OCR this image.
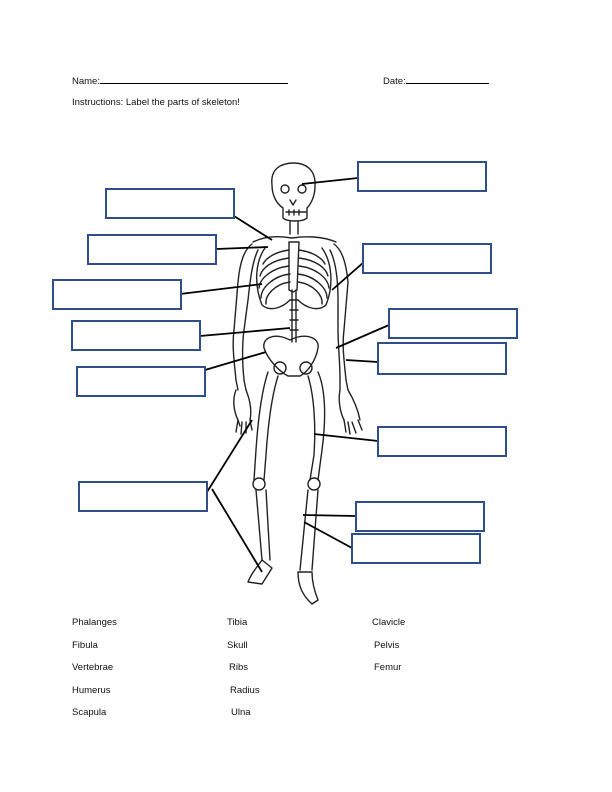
Name:	Date:
Instructions: Label the parts of skeleton!
Phalanges
Fibula
Vertebrae
Humerus
Scapula
Tibia
Skull
Ribs
Radius
Ulna
Clavicle
Pelvis
Femur
